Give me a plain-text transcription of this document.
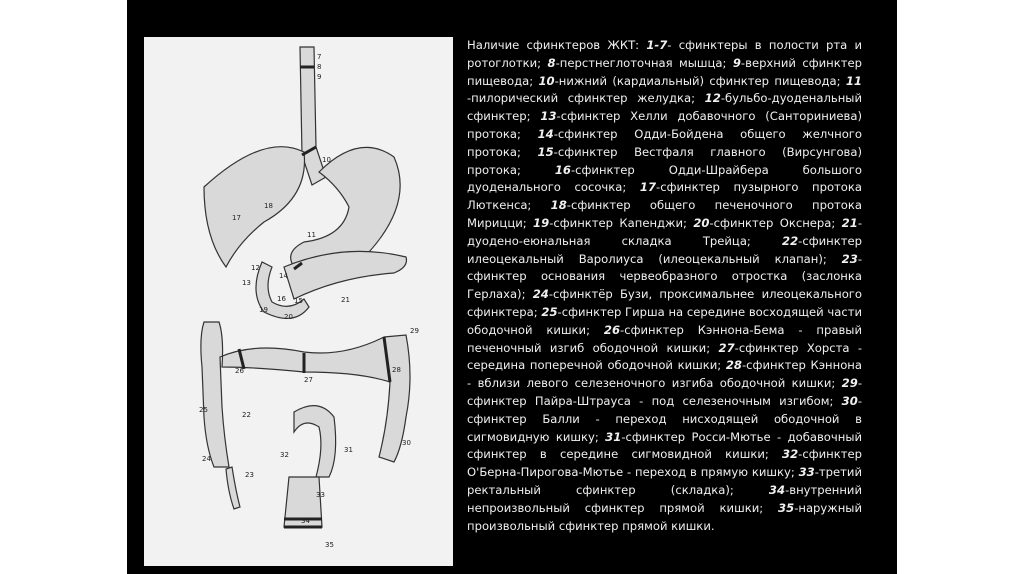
7
8
9
10
11
12
13
14
15
16
17
18
19
20
21
22
23
24
25
26
27
28
29
30
31
32
33
34
35

Наличие сфинктеров ЖКТ: 1-7- сфинктеры в полости рта и ротоглотки; 8-перстнеглоточная мышца; 9-верхний сфинктер пищевода; 10-нижний (кардиальный) сфинктер пищевода; 11 -пилорический сфинктер желудка; 12-бульбо-дуоденальный сфинктер; 13-сфинктер Хелли добавочного (Санториниева) протока; 14-сфинктер Одди-Бойдена общего желчного протока; 15-сфинктер Вестфаля главного (Вирсунгова) протока; 16-сфинктер Одди-Шрайбера большого дуоденального сосочка; 17-сфинктер пузырного протока Люткенса; 18-сфинктер общего печеночного протока Мирицци; 19-сфинктер Капенджи; 20-сфинктер Окснера; 21-дуодено-еюнальная складка Трейца; 22-сфинктер илеоцекальный Варолиуса (илеоцекальный клапан); 23-сфинктер основания червеобразного отростка (заслонка Герлаха); 24-сфинктёр Бузи, проксимальнее илеоцекального сфинктера; 25-сфинктер Гирша на середине восходящей части ободочной кишки; 26-сфинктер Кэннона-Бема - правый печеночный изгиб ободочной кишки; 27-сфинктер Хорста - середина поперечной ободочной кишки; 28-сфинктер Кэннона - вблизи левого селезеночного изгиба ободочной кишки; 29-сфинктер Пайра-Штрауса - под селезеночным изгибом; 30-сфинктер Балли - переход нисходящей ободочной в сигмовидную кишку; 31-сфинктер Росси-Мютье - добавочный сфинктер в середине сигмовидной кишки; 32-сфинктер О'Берна-Пирогова-Мютье - переход в прямую кишку; 33-третий ректальный сфинктер (складка); 34-внутренний непроизвольный сфинктер прямой кишки; 35-наружный произвольный сфинктер прямой кишки.
